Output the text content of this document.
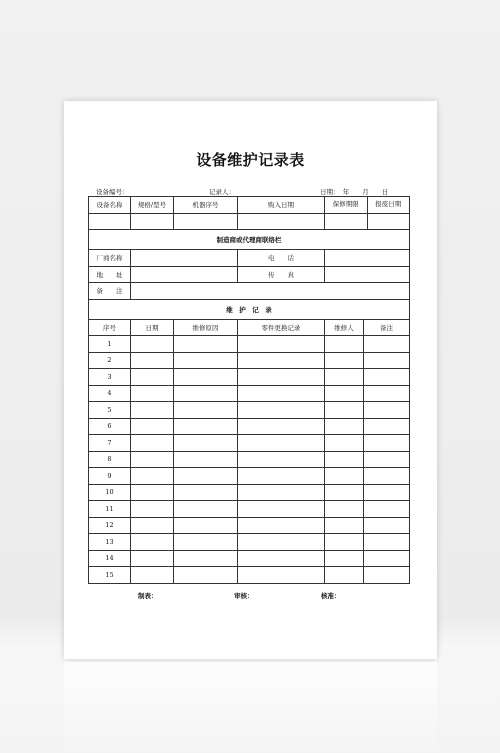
设备维护记录表
设备编号：	记录人：	日期：　年　　月　　日
设备名称	规格/型号	机器序号	购入日期	保修期限 报废日期	

制造商或代理商联络栏					
厂商名称			电　　话		
地　　址			传　　真		
备　　注					
维　护　记　录					
序号	日期	维修原因	零件更换记录	维修人	备注
1					
2					
3					
4					
5					
6					
7					
8					
9					
10					
11					
12					
13					
14					
15					
制表：	审核：	核准：
